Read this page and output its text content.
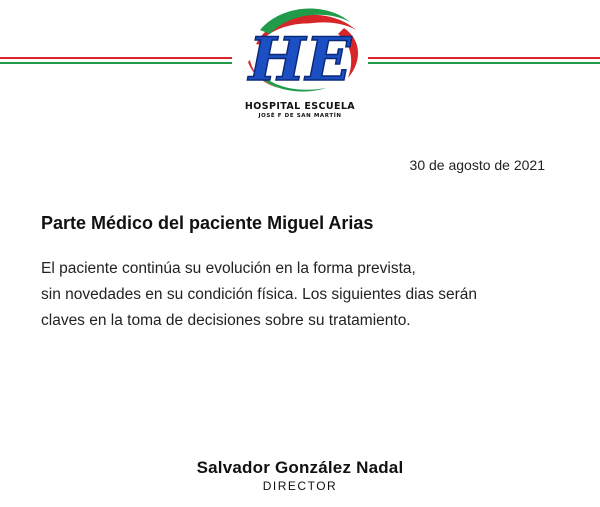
HE
HOSPITAL ESCUELA
JOSÉ F DE SAN MARTÍN
30 de agosto de 2021
Parte Médico del paciente Miguel Arias
El paciente continúa su evolución en la forma prevista,
sin novedades en su condición física. Los siguientes dias serán
claves en la toma de decisiones sobre su tratamiento.
Salvador González Nadal
DIRECTOR
